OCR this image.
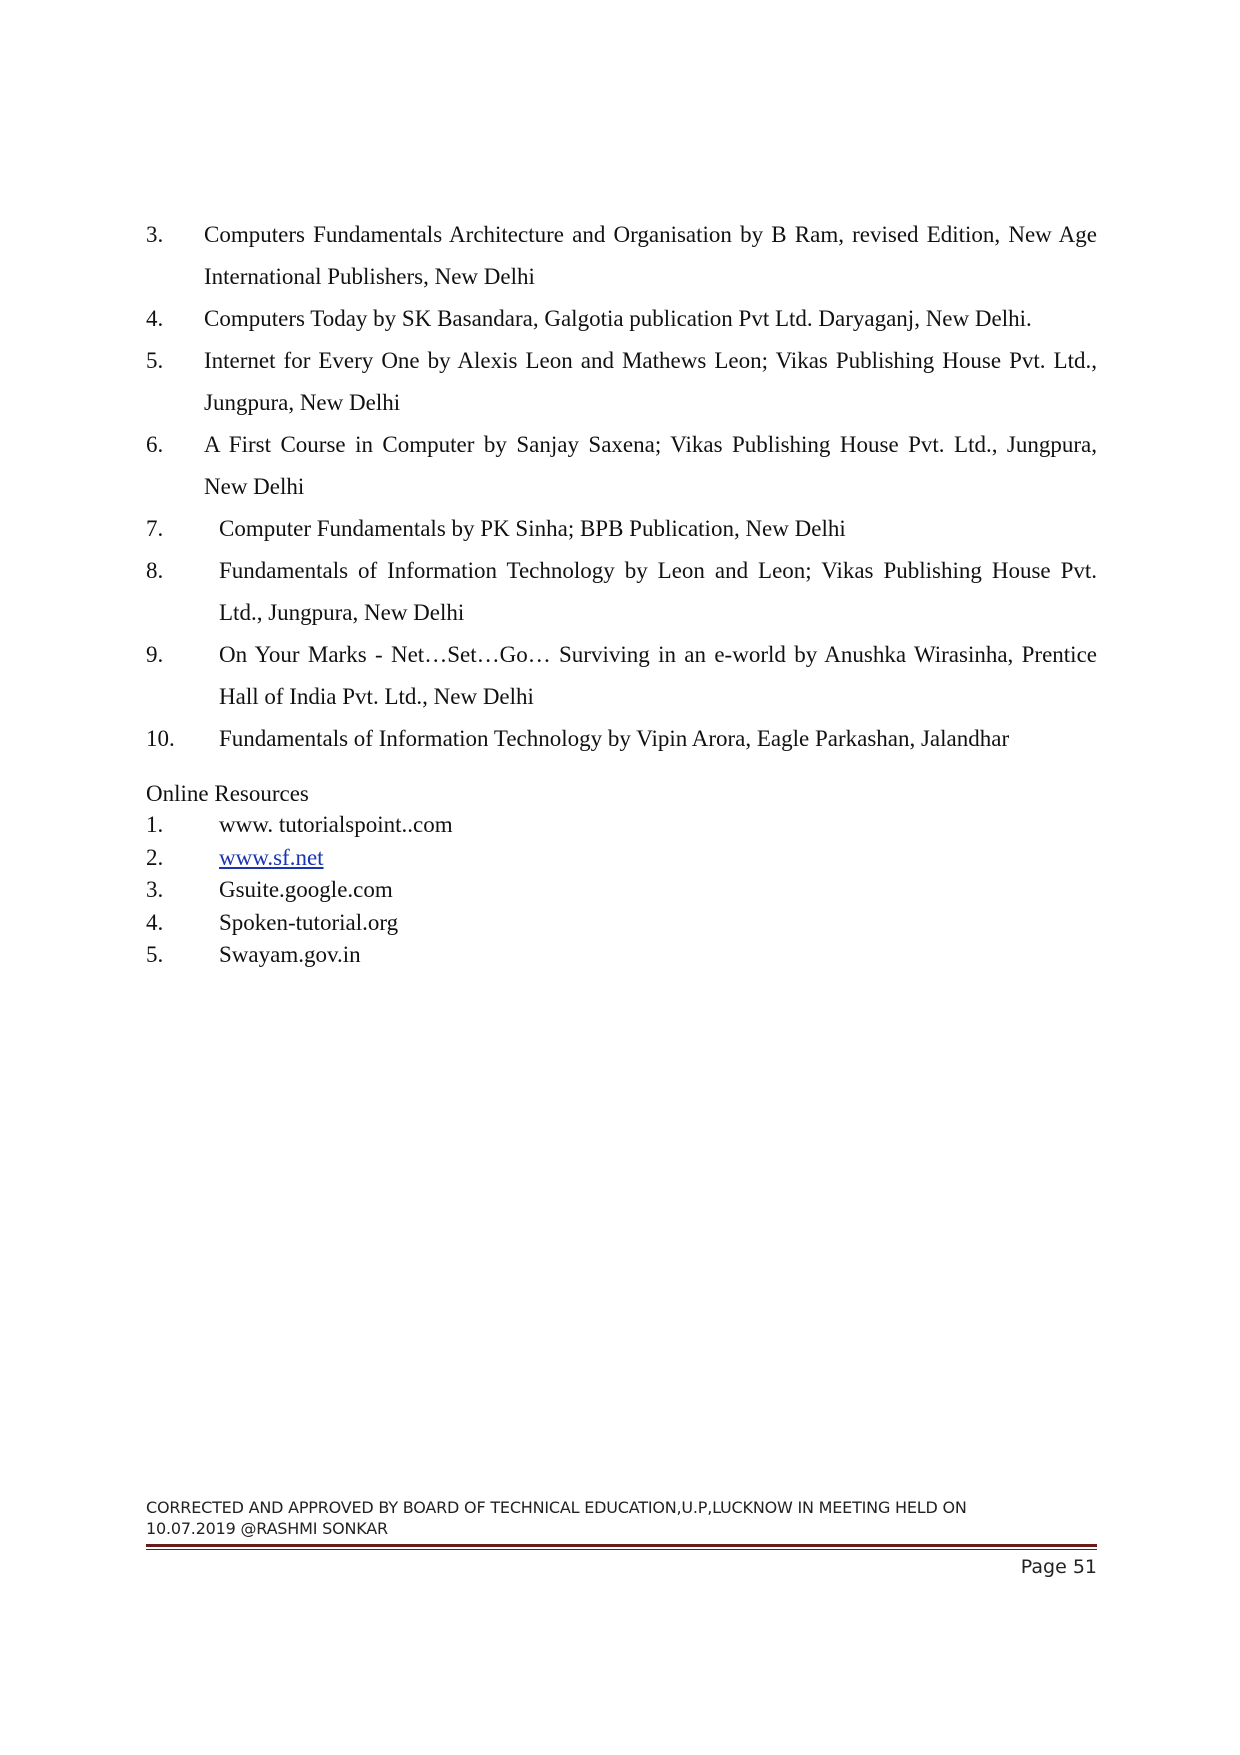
3.	Computers Fundamentals Architecture and Organisation by B Ram, revised Edition, New Age International Publishers, New Delhi
4.	Computers Today by SK Basandara, Galgotia publication Pvt Ltd. Daryaganj, New Delhi.
5.	Internet for Every One by Alexis Leon and Mathews Leon; Vikas Publishing House Pvt. Ltd., Jungpura, New Delhi
6.	A First Course in Computer by Sanjay Saxena; Vikas Publishing House Pvt. Ltd., Jungpura, New Delhi
7.	Computer Fundamentals by PK Sinha; BPB Publication, New Delhi
8.	Fundamentals of Information Technology by Leon and Leon; Vikas Publishing House Pvt. Ltd., Jungpura, New Delhi
9.	On Your Marks - Net…Set…Go… Surviving in an e-world by Anushka Wirasinha, Prentice Hall of India Pvt. Ltd., New Delhi
10.	Fundamentals of Information Technology by Vipin Arora, Eagle Parkashan, Jalandhar
Online Resources
1.	www. tutorialspoint..com
2.	www.sf.net
3.	Gsuite.google.com
4.	Spoken-tutorial.org
5.	Swayam.gov.in
CORRECTED AND APPROVED BY BOARD OF TECHNICAL EDUCATION,U.P,LUCKNOW IN MEETING HELD ON
10.07.2019 @RASHMI SONKAR
Page 51
